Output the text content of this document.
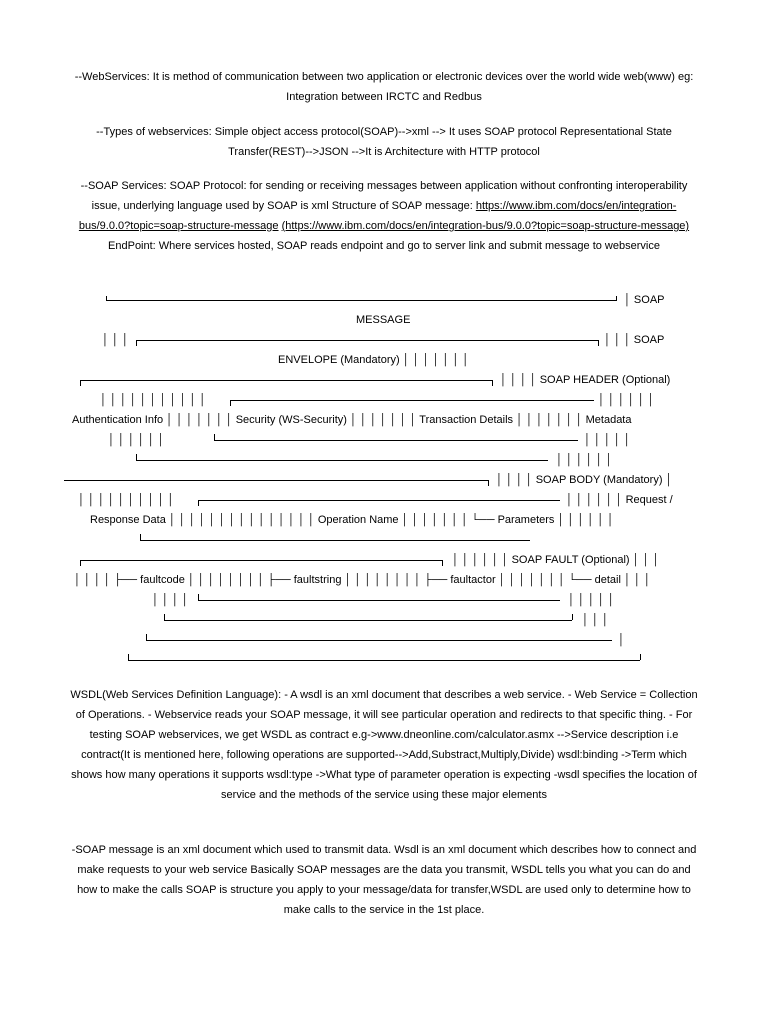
--WebServices: It is method of communication between two application or electronic devices over the world wide web(www) eg: Integration between IRCTC and Redbus
--Types of webservices: Simple object access protocol(SOAP)-->xml --> It uses SOAP protocol Representational State Transfer(REST)-->JSON -->It is Architecture with HTTP protocol
--SOAP Services: SOAP Protocol: for sending or receiving messages between application without confronting interoperability issue, underlying language used by SOAP is xml Structure of SOAP message: https://www.ibm.com/docs/en/integration-bus/9.0.0?topic=soap-structure-message (https://www.ibm.com/docs/en/integration-bus/9.0.0?topic=soap-structure-message) EndPoint: Where services hosted, SOAP reads endpoint and go to server link and submit message to webservice
│ SOAP
MESSAGE
│ │ │	│ │ │ SOAP
ENVELOPE (Mandatory) │ │ │ │ │ │ │
│ │ │ │ SOAP HEADER (Optional)
│ │ │ │ │ │ │ │ │ │ │	│ │ │ │ │ │
Authentication Info │ │ │ │ │ │ │ Security (WS-Security) │ │ │ │ │ │ │ Transaction Details │ │ │ │ │ │ │ Metadata
│ │ │ │ │ │	│ │ │ │ │
│ │ │ │ │ │
│ │ │ │ SOAP BODY (Mandatory) │
│ │ │ │ │ │ │ │ │ │	│ │ │ │ │ │ Request /
Response Data │ │ │ │ │ │ │ │ │ │ │ │ │ │ │ Operation Name │ │ │ │ │ │ │ └── Parameters │ │ │ │ │ │
│ │ │ │ │ │ SOAP FAULT (Optional) │ │ │
│ │ │ │ ├── faultcode │ │ │ │ │ │ │ │ ├── faultstring │ │ │ │ │ │ │ │ ├── faultactor │ │ │ │ │ │ │ └── detail │ │ │
│ │ │ │	│ │ │ │ │
│ │ │
│
WSDL(Web Services Definition Language): - A wsdl is an xml document that describes a web service. - Web Service = Collection of Operations. - Webservice reads your SOAP message, it will see particular operation and redirects to that specific thing. - For testing SOAP webservices, we get WSDL as contract e.g->www.dneonline.com/calculator.asmx -->Service description i.e contract(It is mentioned here, following operations are supported-->Add,Substract,Multiply,Divide) wsdl:binding ->Term which shows how many operations it supports wsdl:type ->What type of parameter operation is expecting -wsdl specifies the location of service and the methods of the service using these major elements
-SOAP message is an xml document which used to transmit data. Wsdl is an xml document which describes how to connect and make requests to your web service Basically SOAP messages are the data you transmit, WSDL tells you what you can do and how to make the calls SOAP is structure you apply to your message/data for transfer,WSDL are used only to determine how to make calls to the service in the 1st place.
